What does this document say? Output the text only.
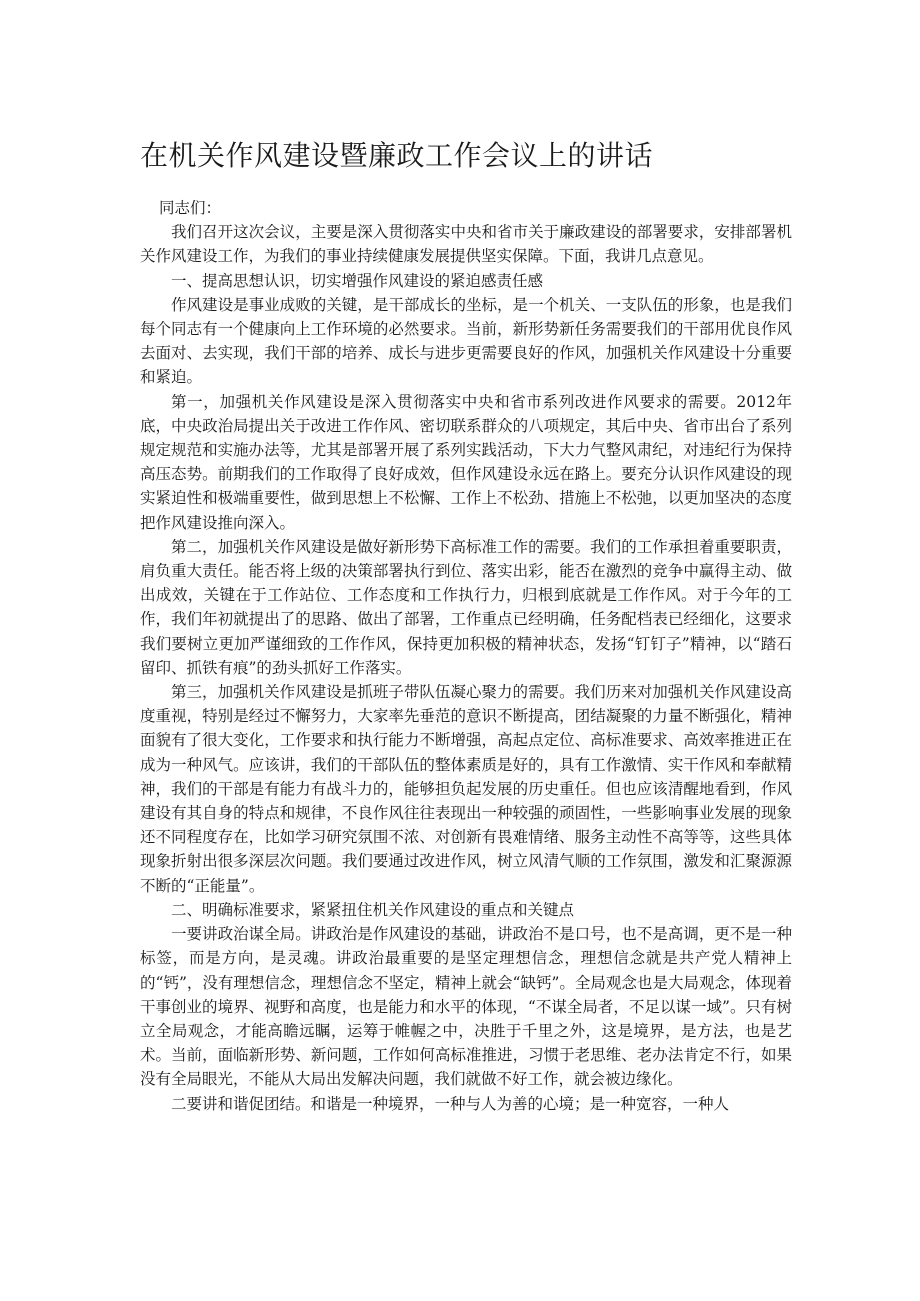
在机关作风建设暨廉政工作会议上的讲话

同志们：

我们召开这次会议，主要是深入贯彻落实中央和省市关于廉政建设的部署要求，安排部署机关作风建设工作，为我们的事业持续健康发展提供坚实保障。下面，我讲几点意见。

一、提高思想认识，切实增强作风建设的紧迫感责任感

作风建设是事业成败的关键，是干部成长的坐标，是一个机关、一支队伍的形象，也是我们每个同志有一个健康向上工作环境的必然要求。当前，新形势新任务需要我们的干部用优良作风去面对、去实现，我们干部的培养、成长与进步更需要良好的作风，加强机关作风建设十分重要和紧迫。

第一，加强机关作风建设是深入贯彻落实中央和省市系列改进作风要求的需要。2012年底，中央政治局提出关于改进工作作风、密切联系群众的八项规定，其后中央、省市出台了系列规定规范和实施办法等，尤其是部署开展了系列实践活动，下大力气整风肃纪，对违纪行为保持高压态势。前期我们的工作取得了良好成效，但作风建设永远在路上。要充分认识作风建设的现实紧迫性和极端重要性，做到思想上不松懈、工作上不松劲、措施上不松弛，以更加坚决的态度把作风建设推向深入。

第二，加强机关作风建设是做好新形势下高标准工作的需要。我们的工作承担着重要职责，肩负重大责任。能否将上级的决策部署执行到位、落实出彩，能否在激烈的竞争中赢得主动、做出成效，关键在于工作站位、工作态度和工作执行力，归根到底就是工作作风。对于今年的工作，我们年初就提出了的思路、做出了部署，工作重点已经明确，任务配档表已经细化，这要求我们要树立更加严谨细致的工作作风，保持更加积极的精神状态，发扬“钉钉子”精神，以“踏石留印、抓铁有痕”的劲头抓好工作落实。

第三，加强机关作风建设是抓班子带队伍凝心聚力的需要。我们历来对加强机关作风建设高度重视，特别是经过不懈努力，大家率先垂范的意识不断提高，团结凝聚的力量不断强化，精神面貌有了很大变化，工作要求和执行能力不断增强，高起点定位、高标准要求、高效率推进正在成为一种风气。应该讲，我们的干部队伍的整体素质是好的，具有工作激情、实干作风和奉献精神，我们的干部是有能力有战斗力的，能够担负起发展的历史重任。但也应该清醒地看到，作风建设有其自身的特点和规律，不良作风往往表现出一种较强的顽固性，一些影响事业发展的现象还不同程度存在，比如学习研究氛围不浓、对创新有畏难情绪、服务主动性不高等等，这些具体现象折射出很多深层次问题。我们要通过改进作风，树立风清气顺的工作氛围，激发和汇聚源源不断的“正能量”。

二、明确标准要求，紧紧扭住机关作风建设的重点和关键点

一要讲政治谋全局。讲政治是作风建设的基础，讲政治不是口号，也不是高调，更不是一种标签，而是方向，是灵魂。讲政治最重要的是坚定理想信念，理想信念就是共产党人精神上的“钙”，没有理想信念，理想信念不坚定，精神上就会“缺钙”。全局观念也是大局观念，体现着干事创业的境界、视野和高度，也是能力和水平的体现，“不谋全局者，不足以谋一域”。只有树立全局观念，才能高瞻远瞩，运筹于帷幄之中，决胜于千里之外，这是境界，是方法，也是艺术。当前，面临新形势、新问题，工作如何高标准推进，习惯于老思维、老办法肯定不行，如果没有全局眼光，不能从大局出发解决问题，我们就做不好工作，就会被边缘化。

二要讲和谐促团结。和谐是一种境界，一种与人为善的心境；是一种宽容，一种人
